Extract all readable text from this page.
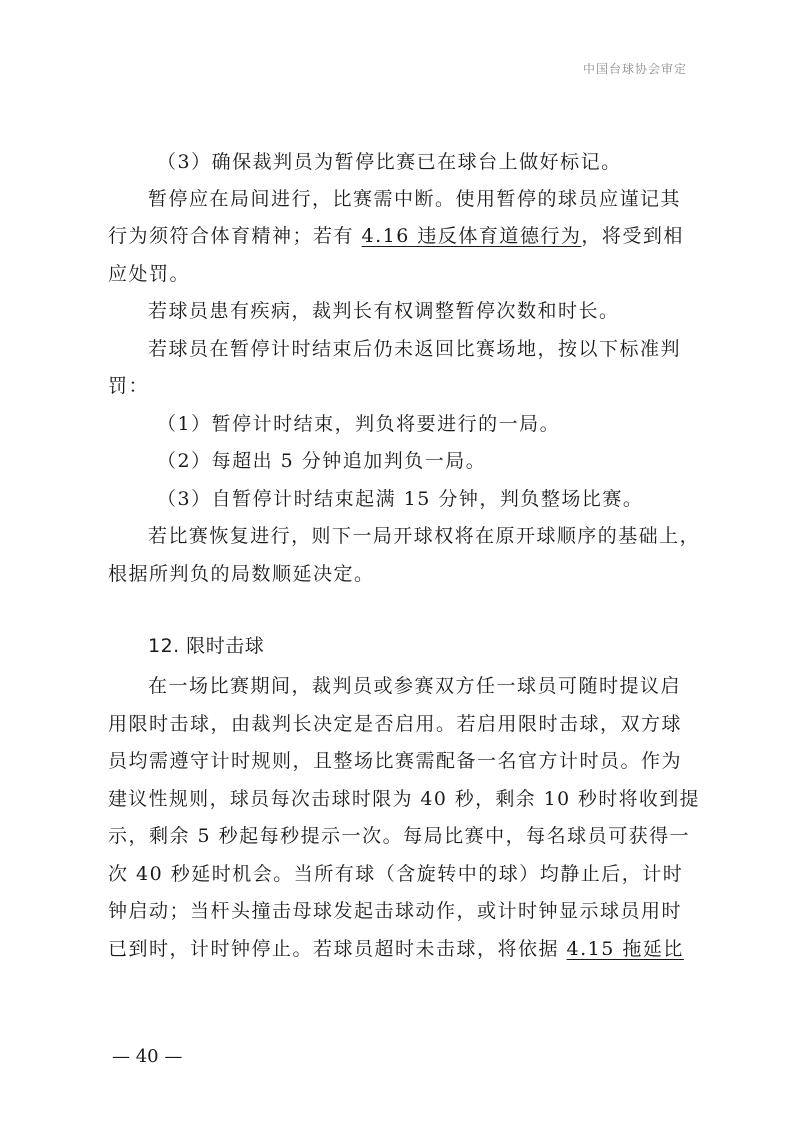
中国台球协会审定
（3）确保裁判员为暂停比赛已在球台上做好标记。
暂停应在局间进行，比赛需中断。使用暂停的球员应谨记其
行为须符合体育精神；若有 4.16 违反体育道德行为，将受到相
应处罚。
若球员患有疾病，裁判长有权调整暂停次数和时长。
若球员在暂停计时结束后仍未返回比赛场地，按以下标准判
罚：
（1）暂停计时结束，判负将要进行的一局。
（2）每超出 5 分钟追加判负一局。
（3）自暂停计时结束起满 15 分钟，判负整场比赛。
若比赛恢复进行，则下一局开球权将在原开球顺序的基础上，
根据所判负的局数顺延决定。
12. 限时击球
在一场比赛期间，裁判员或参赛双方任一球员可随时提议启
用限时击球，由裁判长决定是否启用。若启用限时击球，双方球
员均需遵守计时规则，且整场比赛需配备一名官方计时员。作为
建议性规则，球员每次击球时限为 40 秒，剩余 10 秒时将收到提
示，剩余 5 秒起每秒提示一次。每局比赛中，每名球员可获得一
次 40 秒延时机会。当所有球（含旋转中的球）均静止后，计时
钟启动；当杆头撞击母球发起击球动作，或计时钟显示球员用时
已到时，计时钟停止。若球员超时未击球，将依据 4.15 拖延比
— 40 —
